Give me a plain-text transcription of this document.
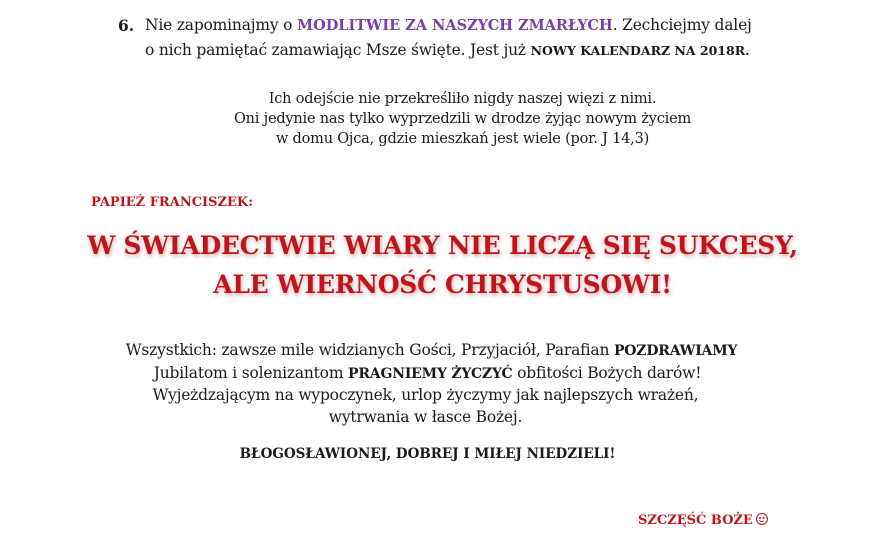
6. Nie zapominajmy o MODLITWIE ZA NASZYCH ZMARŁYCH. Zechciejmy dalej
o nich pamiętać zamawiając Msze święte. Jest już NOWY KALENDARZ NA 2018R.
Ich odejście nie przekreśliło nigdy naszej więzi z nimi.
Oni jedynie nas tylko wyprzedzili w drodze żyjąc nowym życiem
w domu Ojca, gdzie mieszkań jest wiele (por. J 14,3)
PAPIEŻ FRANCISZEK:
W ŚWIADECTWIE WIARY NIE LICZĄ SIĘ SUKCESY,
ALE WIERNOŚĆ CHRYSTUSOWI!
Wszystkich: zawsze mile widzianych Gości, Przyjaciół, Parafian POZDRAWIAMY
Jubilatom i solenizantom PRAGNIEMY ŻYCZYĆ obfitości Bożych darów!
Wyjeżdzającym na wypoczynek, urlop życzymy jak najlepszych wrażeń,
wytrwania w łasce Bożej.
BŁOGOSŁAWIONEJ, DOBREJ I MIŁEJ NIEDZIELI!
SZCZĘŚĆ BOŻE
